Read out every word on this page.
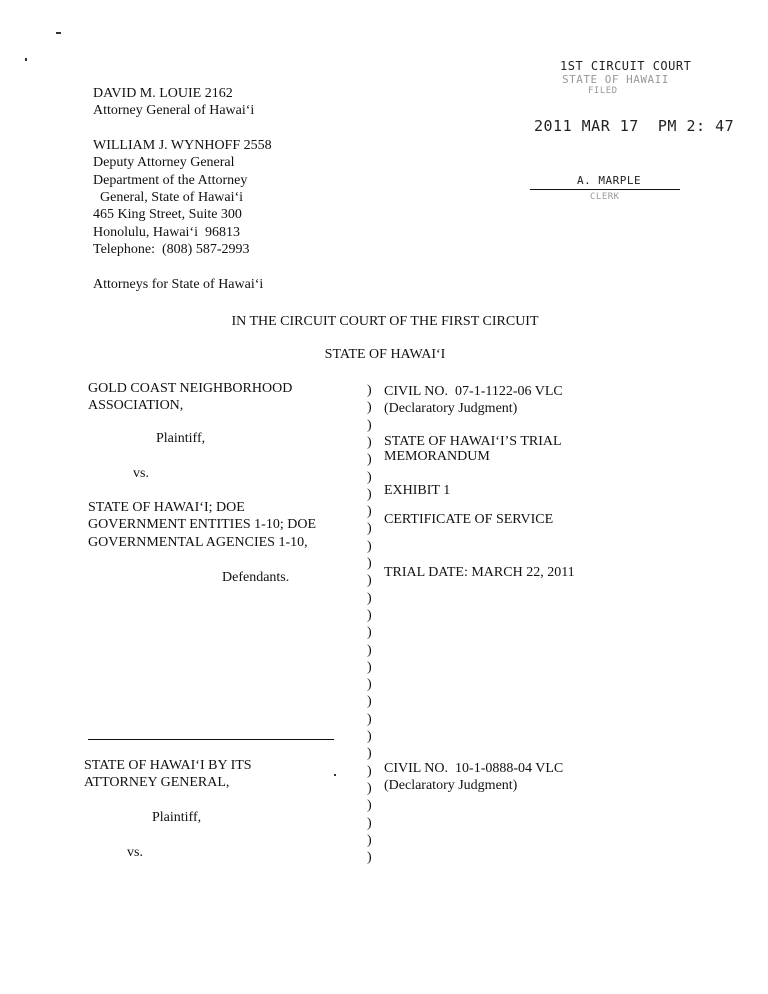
DAVID M. LOUIE 2162
Attorney General of Hawai‘i
WILLIAM J. WYNHOFF 2558
Deputy Attorney General
Department of the Attorney
General, State of Hawai‘i
465 King Street, Suite 300
Honolulu, Hawai‘i  96813
Telephone:  (808) 587-2993
Attorneys for State of Hawai‘i
1ST CIRCUIT COURT
STATE OF HAWAII
FILED
2011 MAR 17  PM 2: 47
A. MARPLE
CLERK
IN THE CIRCUIT COURT OF THE FIRST CIRCUIT
STATE OF HAWAI‘I
GOLD COAST NEIGHBORHOOD
ASSOCIATION,
Plaintiff,
vs.
STATE OF HAWAI‘I; DOE
GOVERNMENT ENTITIES 1-10; DOE
GOVERNMENTAL AGENCIES 1-10,
Defendants.
CIVIL NO.  07-1-1122-06 VLC
(Declaratory Judgment)
STATE OF HAWAI‘I’S TRIAL
MEMORANDUM
EXHIBIT 1
CERTIFICATE OF SERVICE
TRIAL DATE: MARCH 22, 2011
STATE OF HAWAI‘I BY ITS
ATTORNEY GENERAL,
Plaintiff,
vs.
CIVIL NO.  10-1-0888-04 VLC
(Declaratory Judgment)
)
)
)
)
)
)
)
)
)
)
)
)
)
)
)
)
)
)
)
)
)
)
)
)
)
)
)
)
